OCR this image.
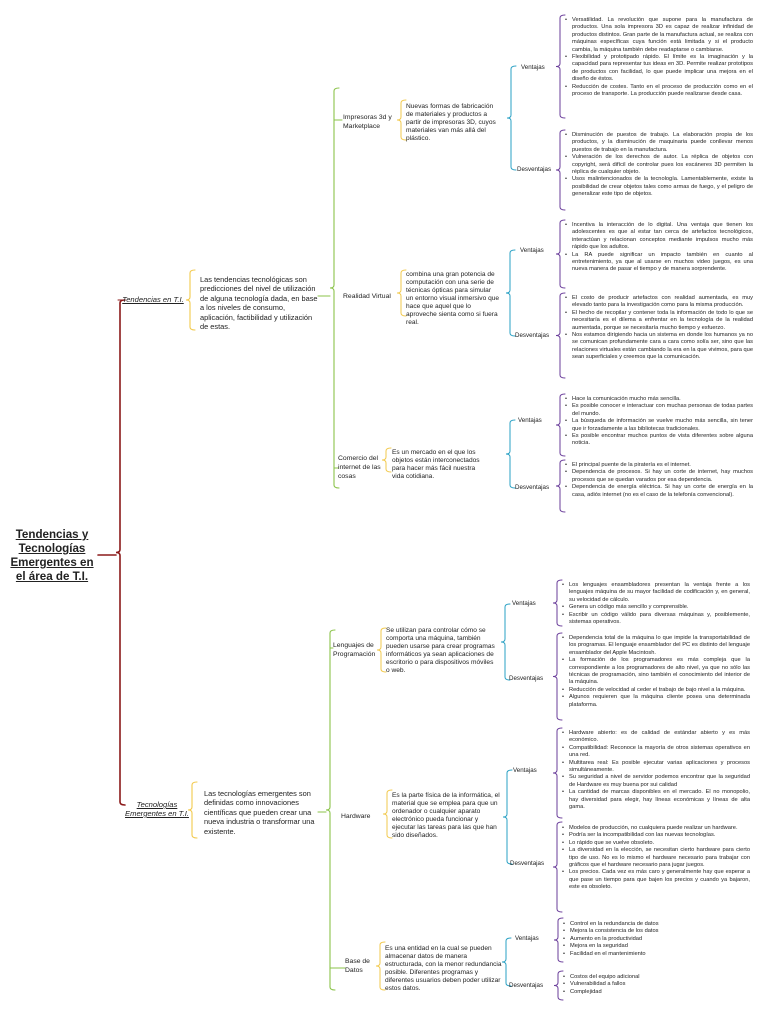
Tendencias y Tecnologías Emergentes en el área de T.I.
Tendencias en T.I.
Las tendencias tecnológicas son predicciones del nivel de utilización de alguna tecnología dada, en base a los niveles de consumo, aplicación, factibilidad y utilización de estas.
Impresoras 3d y Marketplace
Nuevas formas de fabricación de materiales y productos a partir de impresoras 3D, cuyos materiales van más allá del plástico.
Ventajas
Desventajas
• Versatilidad. La revolución que supone para la manufactura de productos. Una sola impresora 3D es capaz de realizar infinidad de productos distintos. Gran parte de la manufactura actual, se realiza con máquinas específicas cuya función está limitada y si el producto cambia, la máquina también debe readaptarse o cambiarse.
• Flexibilidad y prototipado rápido. El límite es la imaginación y la capacidad para representar tus ideas en 3D. Permite realizar prototipos de productos con facilidad, lo que puede implicar una mejora en el diseño de éstos.
• Reducción de costes. Tanto en el proceso de producción como en el proceso de transporte. La producción puede realizarse desde casa.
• Disminución de puestos de trabajo. La elaboración propia de los productos, y la disminución de maquinaria puede conllevar menos puestos de trabajo en la manufactura.
• Vulneración de los derechos de autor. La réplica de objetos con copyright, será difícil de controlar pues los escáneres 3D permiten la réplica de cualquier objeto.
• Usos malintencionados de la tecnología. Lamentablemente, existe la posibilidad de crear objetos tales como armas de fuego, y el peligro de generalizar este tipo de objetos.
Realidad Virtual
combina una gran potencia de computación con una serie de técnicas ópticas para simular un entorno visual inmersivo que hace que aquel que lo aproveche sienta como si fuera real.
Ventajas
Desventajas
• Incentiva la interacción de lo digital. Una ventaja que tienen los adolescentes es que al estar tan cerca de artefactos tecnológicos, interactúan y relacionan conceptos mediante impulsos mucho más rápido que los adultos.
• La RA puede significar un impacto también en cuanto al entretenimiento, ya que al usarse en muchos video juegos, es una nueva manera de pasar el tiempo y de manera sorprendente.
• El costo de producir artefactos con realidad aumentada, es muy elevado tanto para la investigación como para la misma producción.
• El hecho de recopilar y contener toda la información de todo lo que se necesitaría es el dilema a enfrentar en la tecnología de la realidad aumentada, porque se necesitaría mucho tiempo y esfuerzo.
• Nos estamos dirigiendo hacia un sistema en donde los humanos ya no se comunican profundamente cara a cara como solía ser, sino que las relaciones virtuales están cambiando la era en la que vivimos, para que sean superficiales y creemos que la comunicación.
Comercio del internet de las cosas
Es un mercado en el que los objetos están interconectados para hacer más fácil nuestra vida cotidiana.
Ventajas
Desventajas
• Hace la comunicación mucho más sencilla.
• Es posible conocer e interactuar con muchas personas de todas partes del mundo.
• La búsqueda de información se vuelve mucho más sencilla, sin tener que ir forzadamente a las bibliotecas tradicionales.
• Es posible encontrar muchos puntos de vista diferentes sobre alguna noticia.
• El principal puente de la piratería es el internet.
• Dependencia de procesos. Si hay un corte de internet, hay muchos procesos que se quedan varados por esa dependencia.
• Dependencia de energía eléctrica. Si hay un corte de energía en la casa, adiós internet (no es el caso de la telefonía convencional).
Tecnologías Emergentes en T.I.
Las tecnologías emergentes son definidas como innovaciones científicas que pueden crear una nueva industria o transformar una existente.
Lenguajes de Programación
Se utilizan para controlar cómo se comporta una máquina, también pueden usarse para crear programas informáticos ya sean aplicaciones de escritorio o para dispositivos móviles o web.
Ventajas
Desventajas
• Los lenguajes ensambladores presentan la ventaja frente a los lenguajes máquina de su mayor facilidad de codificación y, en general, su velocidad de cálculo.
• Genera un código más sencillo y comprensible.
• Escribir un código válido para diversas máquinas y, posiblemente, sistemas operativos.
• Dependencia total de la máquina lo que impide la transportabilidad de los programas. El lenguaje ensamblador del PC es distinto del lenguaje ensamblador del Apple Macintosh.
• La formación de los programadores es más compleja que la correspondiente a los programadores de alto nivel, ya que no sólo las técnicas de programación, sino también el conocimiento del interior de la máquina.
• Reducción de velocidad al ceder el trabajo de bajo nivel a la máquina.
• Algunos requieren que la máquina cliente posea una determinada plataforma.
Hardware
Es la parte física de la informática, el material que se emplea para que un ordenador o cualquier aparato electrónico pueda funcionar y ejecutar las tareas para las que han sido diseñados.
Ventajas
Desventajas
• Hardware abierto: es de calidad de estándar abierto y es más económico.
• Compatibilidad: Reconoce la mayoría de otros sistemas operativos en una red.
• Multitarea real: Es posible ejecutar varias aplicaciones y procesos simultáneamente.
• Su seguridad a nivel de servidor podemos encontrar que la seguridad de Hardware es muy buena por sui calidad
• La cantidad de marcas disponibles en el mercado. El no monopolio, hay diversidad para elegir, hay líneas económicas y líneas de alta gama.
• Modelos de producción, no cualquiera puede realizar un hardware.
• Podría ser la incompatibilidad con las nuevas tecnologías.
• Lo rápido que se vuelve obsoleto.
• La diversidad en la elección, se necesitan cierto hardware para cierto tipo de uso. No es lo mismo el hardware necesario para trabajar con gráficos que el hardware necesario para jugar juegos.
• Los precios. Cada vez es más caro y generalmente hay que esperar a que pase un tiempo para que bajen los precios y cuando ya bajaron, este es obsoleto.
Base de Datos
Es una entidad en la cual se pueden almacenar datos de manera estructurada, con la menor redundancia posible. Diferentes programas y diferentes usuarios deben poder utilizar estos datos.
Ventajas
Desventajas
• Control en la redundancia de datos
• Mejora la consistencia de los datos
• Aumento en la productividad
• Mejora en la seguridad
• Facilidad en el mantenimiento
• Costos del equipo adicional
• Vulnerabilidad a fallos
• Complejidad
